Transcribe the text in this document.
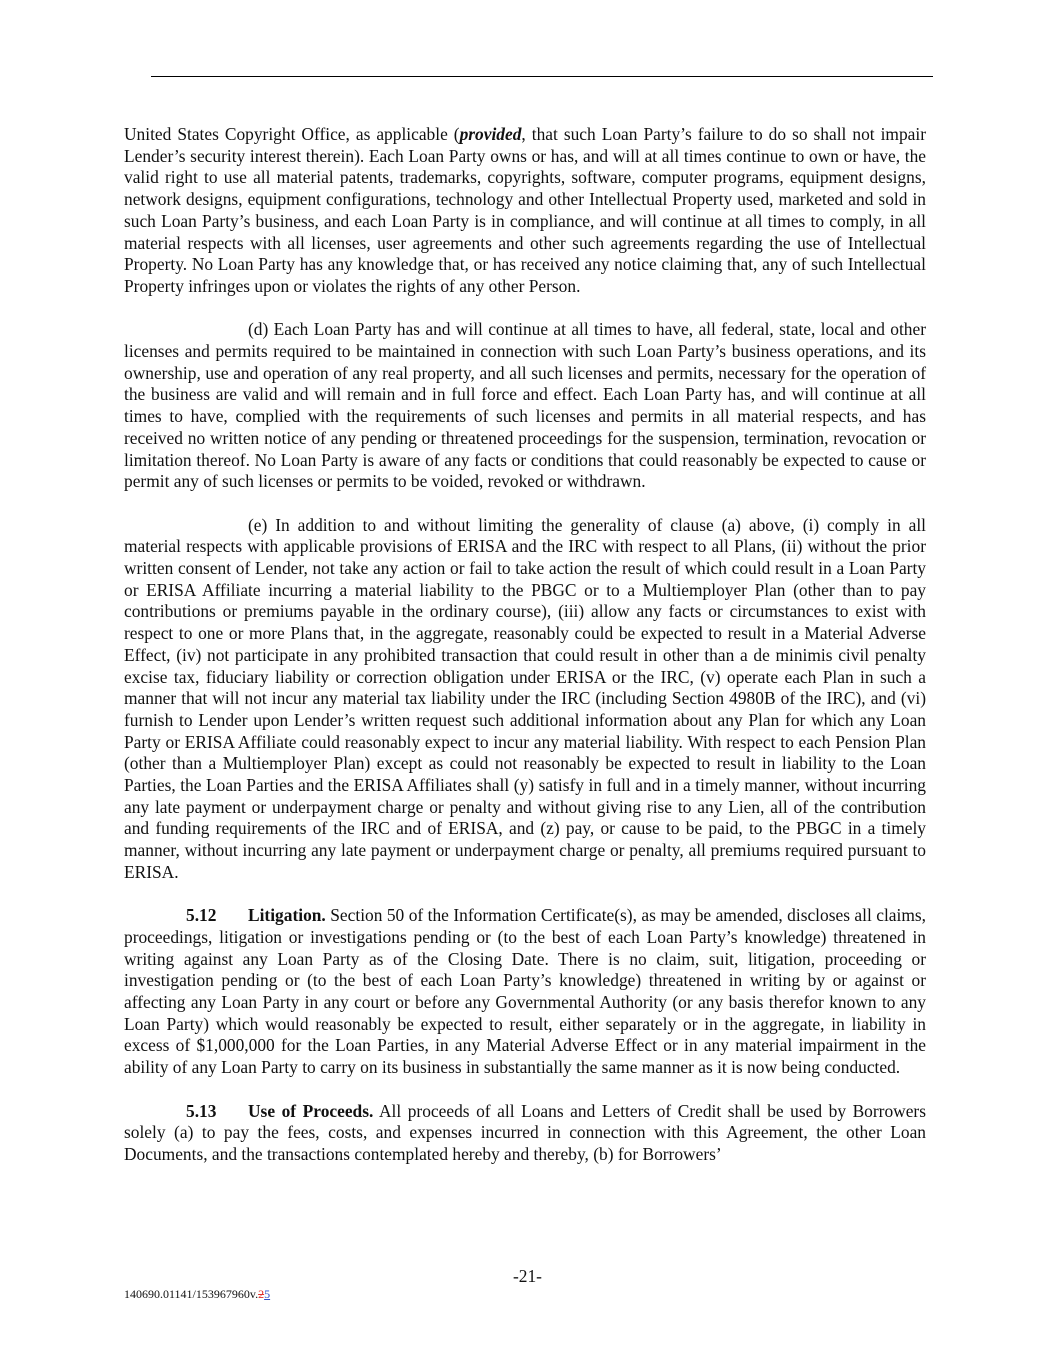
United States Copyright Office, as applicable (provided, that such Loan Party’s failure to do so shall not impair Lender’s security interest therein). Each Loan Party owns or has, and will at all times continue to own or have, the valid right to use all material patents, trademarks, copyrights, software, computer programs, equipment designs, network designs, equipment configurations, technology and other Intellectual Property used, marketed and sold in such Loan Party’s business, and each Loan Party is in compliance, and will continue at all times to comply, in all material respects with all licenses, user agreements and other such agreements regarding the use of Intellectual Property. No Loan Party has any knowledge that, or has received any notice claiming that, any of such Intellectual Property infringes upon or violates the rights of any other Person.

(d) Each Loan Party has and will continue at all times to have, all federal, state, local and other licenses and permits required to be maintained in connection with such Loan Party’s business operations, and its ownership, use and operation of any real property, and all such licenses and permits, necessary for the operation of the business are valid and will remain and in full force and effect. Each Loan Party has, and will continue at all times to have, complied with the requirements of such licenses and permits in all material respects, and has received no written notice of any pending or threatened proceedings for the suspension, termination, revocation or limitation thereof. No Loan Party is aware of any facts or conditions that could reasonably be expected to cause or permit any of such licenses or permits to be voided, revoked or withdrawn.

(e) In addition to and without limiting the generality of clause (a) above, (i) comply in all material respects with applicable provisions of ERISA and the IRC with respect to all Plans, (ii) without the prior written consent of Lender, not take any action or fail to take action the result of which could result in a Loan Party or ERISA Affiliate incurring a material liability to the PBGC or to a Multiemployer Plan (other than to pay contributions or premiums payable in the ordinary course), (iii) allow any facts or circumstances to exist with respect to one or more Plans that, in the aggregate, reasonably could be expected to result in a Material Adverse Effect, (iv) not participate in any prohibited transaction that could result in other than a de minimis civil penalty excise tax, fiduciary liability or correction obligation under ERISA or the IRC, (v) operate each Plan in such a manner that will not incur any material tax liability under the IRC (including Section 4980B of the IRC), and (vi) furnish to Lender upon Lender’s written request such additional information about any Plan for which any Loan Party or ERISA Affiliate could reasonably expect to incur any material liability. With respect to each Pension Plan (other than a Multiemployer Plan) except as could not reasonably be expected to result in liability to the Loan Parties, the Loan Parties and the ERISA Affiliates shall (y) satisfy in full and in a timely manner, without incurring any late payment or underpayment charge or penalty and without giving rise to any Lien, all of the contribution and funding requirements of the IRC and of ERISA, and (z) pay, or cause to be paid, to the PBGC in a timely manner, without incurring any late payment or underpayment charge or penalty, all premiums required pursuant to ERISA.

5.12 Litigation. Section 50 of the Information Certificate(s), as may be amended, discloses all claims, proceedings, litigation or investigations pending or (to the best of each Loan Party’s knowledge) threatened in writing against any Loan Party as of the Closing Date. There is no claim, suit, litigation, proceeding or investigation pending or (to the best of each Loan Party’s knowledge) threatened in writing by or against or affecting any Loan Party in any court or before any Governmental Authority (or any basis therefor known to any Loan Party) which would reasonably be expected to result, either separately or in the aggregate, in liability in excess of $1,000,000 for the Loan Parties, in any Material Adverse Effect or in any material impairment in the ability of any Loan Party to carry on its business in substantially the same manner as it is now being conducted.

5.13 Use of Proceeds. All proceeds of all Loans and Letters of Credit shall be used by Borrowers solely (a) to pay the fees, costs, and expenses incurred in connection with this Agreement, the other Loan Documents, and the transactions contemplated hereby and thereby, (b) for Borrowers’

-21-
140690.01141/153967960v.25
